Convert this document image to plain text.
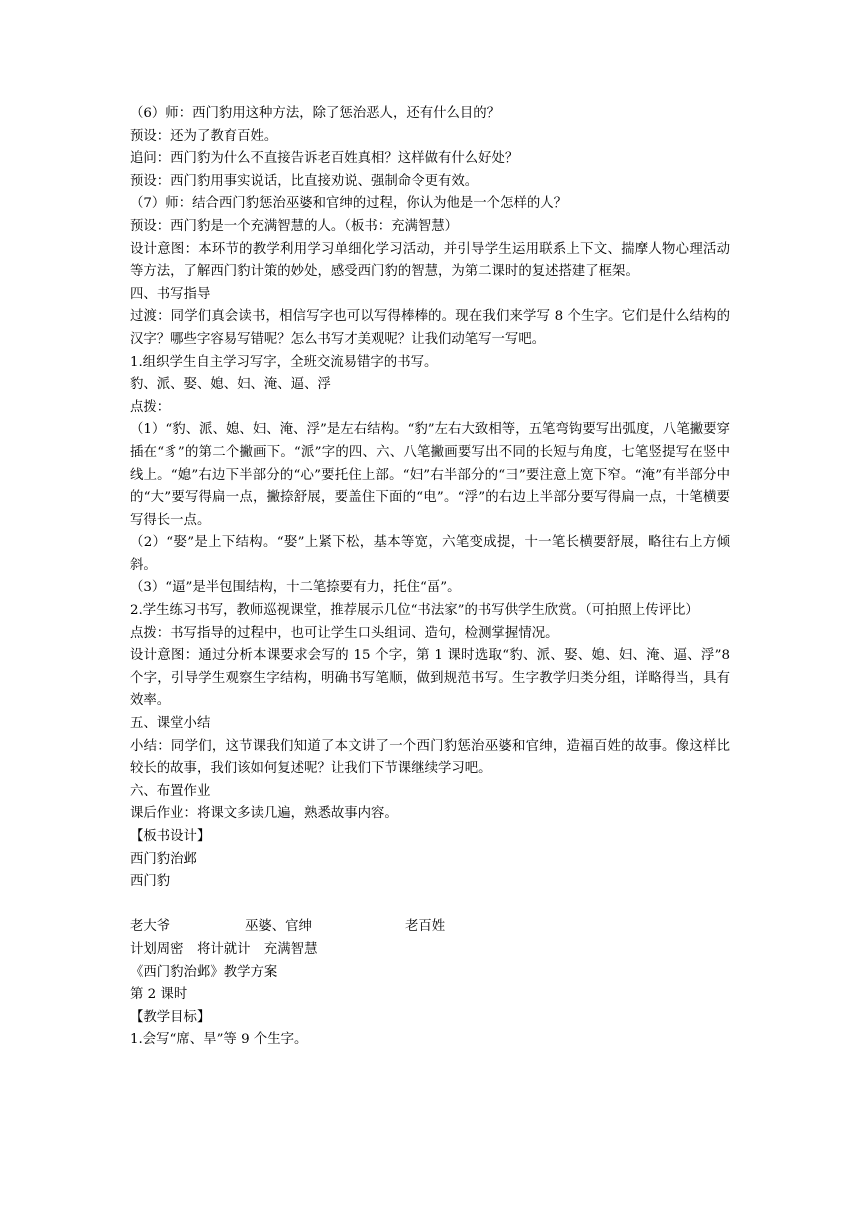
（6）师：西门豹用这种方法，除了惩治恶人，还有什么目的？

预设：还为了教育百姓。

追问：西门豹为什么不直接告诉老百姓真相？这样做有什么好处？

预设：西门豹用事实说话，比直接劝说、强制命令更有效。

（7）师：结合西门豹惩治巫婆和官绅的过程，你认为他是一个怎样的人？

预设：西门豹是一个充满智慧的人。（板书：充满智慧）

设计意图：本环节的教学利用学习单细化学习活动，并引导学生运用联系上下文、揣摩人物心理活动等方法，了解西门豹计策的妙处，感受西门豹的智慧，为第二课时的复述搭建了框架。

四、书写指导

过渡：同学们真会读书，相信写字也可以写得棒棒的。现在我们来学写 8 个生字。它们是什么结构的汉字？哪些字容易写错呢？怎么书写才美观呢？让我们动笔写一写吧。

1.组织学生自主学习写字，全班交流易错字的书写。

豹、派、娶、媳、妇、淹、逼、浮

点拨：

（1）“豹、派、媳、妇、淹、浮”是左右结构。“豹”左右大致相等，五笔弯钩要写出弧度，八笔撇要穿插在“豸”的第二个撇画下。“派”字的四、六、八笔撇画要写出不同的长短与角度，七笔竖提写在竖中线上。“媳”右边下半部分的“心”要托住上部。“妇”右半部分的“彐”要注意上宽下窄。“淹”有半部分中的“大”要写得扁一点，撇捺舒展，要盖住下面的“电”。“浮”的右边上半部分要写得扁一点，十笔横要写得长一点。

（2）“娶”是上下结构。“娶”上紧下松，基本等宽，六笔变成提，十一笔长横要舒展，略往右上方倾斜。

（3）“逼”是半包围结构，十二笔捺要有力，托住“畐”。

2.学生练习书写，教师巡视课堂，推荐展示几位“书法家”的书写供学生欣赏。（可拍照上传评比）

点拨：书写指导的过程中，也可让学生口头组词、造句，检测掌握情况。

设计意图：通过分析本课要求会写的 15 个字，第 1 课时选取“豹、派、娶、媳、妇、淹、逼、浮”8 个字，引导学生观察生字结构，明确书写笔顺，做到规范书写。生字教学归类分组，详略得当，具有效率。

五、课堂小结

小结：同学们，这节课我们知道了本文讲了一个西门豹惩治巫婆和官绅，造福百姓的故事。像这样比较长的故事，我们该如何复述呢？让我们下节课继续学习吧。

六、布置作业

课后作业：将课文多读几遍，熟悉故事内容。

【板书设计】

西门豹治邺

西门豹

老大爷	巫婆、官绅	老百姓

计划周密　将计就计　充满智慧

《西门豹治邺》教学方案

第 2 课时

【教学目标】

1.会写“席、旱”等 9 个生字。
